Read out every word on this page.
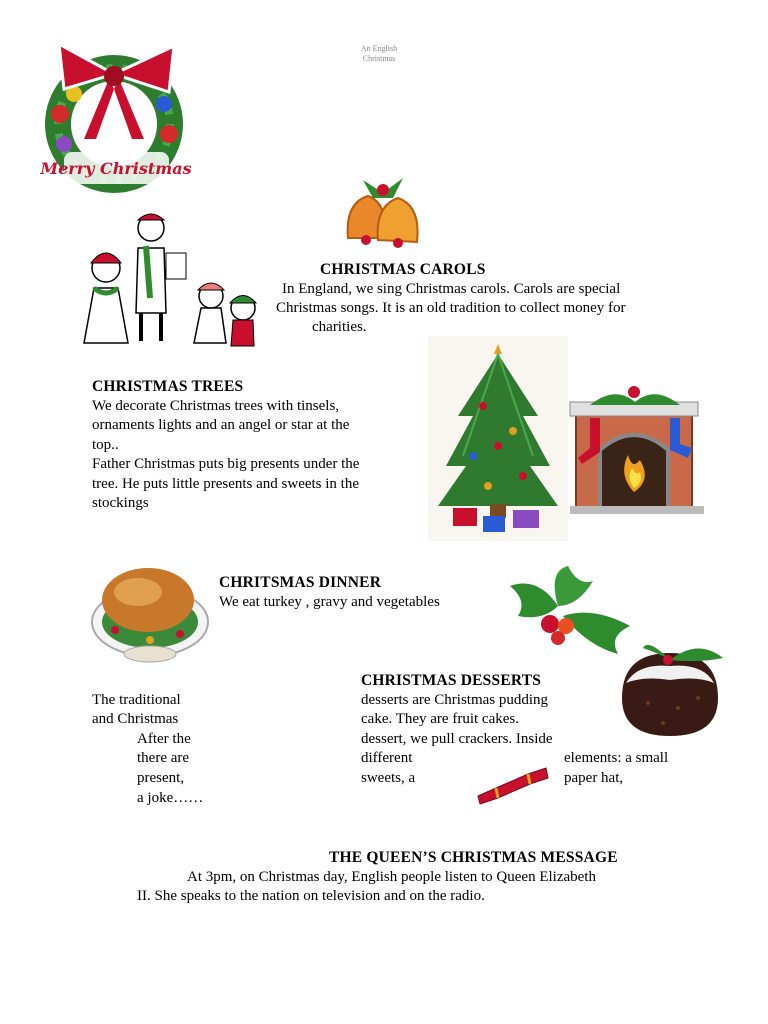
An English
Christmas
Merry Christmas
CHRISTMAS CAROLS
In England, we sing Christmas carols. Carols are special
Christmas songs. It is an old tradition to collect money for
charities.
CHRISTMAS TREES
We decorate Christmas trees with tinsels,
ornaments lights and an angel or star at the
top..
Father Christmas puts big presents under the
tree. He puts little presents and sweets in the
stockings
CHRITSMAS DINNER
We eat turkey , gravy and vegetables
CHRISTMAS DESSERTS
The traditional
and Christmas
After the
there are
present,
a joke……
desserts are Christmas pudding
cake. They are fruit cakes.
dessert, we pull crackers. Inside
different
sweets, a
elements: a small
paper hat,
THE QUEEN’S CHRISTMAS MESSAGE
At 3pm, on Christmas day, English people listen to Queen Elizabeth
II. She speaks to the nation on television and on the radio.
